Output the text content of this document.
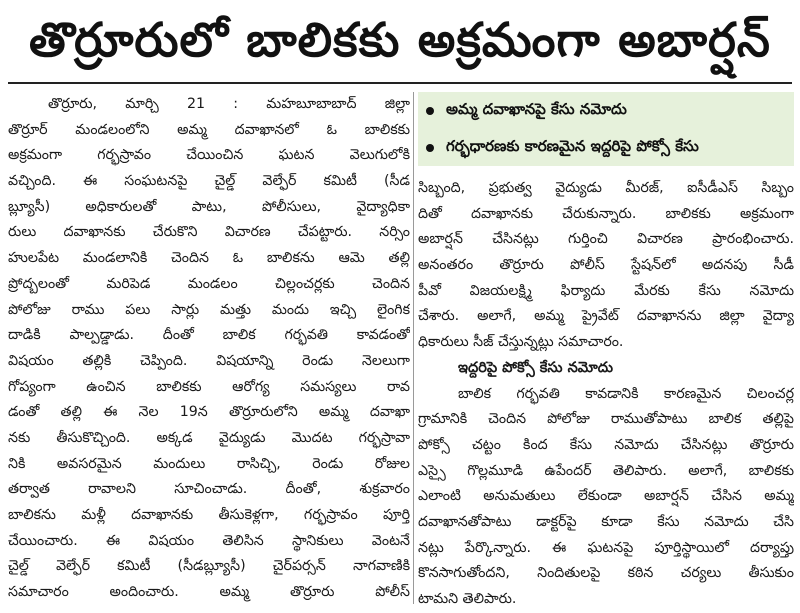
తొర్రూరులో బాలికకు అక్రమంగా అబార్షన్
తొర్రూరు, మార్చి 21 : మహబూబాబాద్ జిల్లా
తొర్రూర్ మండలంలోని అమ్మ దవాఖానలో ఓ బాలికకు
అక్రమంగా గర్భస్రావం చేయించిన ఘటన వెలుగులోకి
వచ్చింది. ఈ సంఘటనపై చైల్డ్ వెల్ఫేర్ కమిటీ (సీడ
బ్ల్యూసీ) అధికారులతో పాటు, పోలీసులు, వైద్యాధికా
రులు దవాఖానకు చేరుకొని విచారణ చేపట్టారు. నర్సిం
హులపేట మండలానికి చెందిన ఓ బాలికను ఆమె తల్లి
ప్రోద్బలంతో మరిపెడ మండలం చిల్లంచర్లకు చెందిన
పోలోజు రాము పలు సార్లు మత్తు మందు ఇచ్చి లైంగిక
దాడికి పాల్పడ్డాడు. దీంతో బాలిక గర్భవతి కావడంతో
విషయం తల్లికి చెప్పింది. విషయాన్ని రెండు నెలలుగా
గోప్యంగా ఉంచిన బాలికకు ఆరోగ్య సమస్యలు రావ
డంతో తల్లి ఈ నెల 19న తొర్రూరులోని అమ్మ దవాఖా
నకు తీసుకొచ్చింది. అక్కడ వైద్యుడు మొదట గర్భస్రావా
నికి అవసరమైన మందులు రాసిచ్చి, రెండు రోజుల
తర్వాత రావాలని సూచించాడు. దీంతో, శుక్రవారం
బాలికను మళ్లీ దవాఖానకు తీసుకెళ్లగా, గర్భస్రావం పూర్తి
చేయించారు. ఈ విషయం తెలిసిన స్థానికులు వెంటనే
చైల్డ్ వెల్ఫేర్ కమిటీ (సీడబ్ల్యూసీ) చైర్‌పర్సన్ నాగవాణికి
సమాచారం అందించారు. అమ్మ తొర్రూరు పోలీస్
అమ్మ దవాఖానపై కేసు నమోదు
గర్భధారణకు కారణమైన ఇద్దరిపై పోక్సో కేసు
సిబ్బంది, ప్రభుత్వ వైద్యుడు మీరజ్, ఐసీడీఎస్ సిబ్బం
దితో దవాఖానకు చేరుకున్నారు. బాలికకు అక్రమంగా
అబార్షన్ చేసినట్లు గుర్తించి విచారణ ప్రారంభించారు.
అనంతరం తొర్రూరు పోలీస్ స్టేషన్‌లో అదనపు సీడీ
పీవో విజయలక్ష్మి ఫిర్యాదు మేరకు కేసు నమోదు
చేశారు. అలాగే, అమ్మ ప్రైవేట్ దవాఖానను జిల్లా వైద్యా
ధికారులు సీజ్ చేస్తున్నట్లు సమాచారం.
ఇద్దరిపై పోక్సో కేసు నమోదు
బాలిక గర్భవతి కావడానికి కారణమైన చిలంచర్ల
గ్రామానికి చెందిన పోలోజు రాముతోపాటు బాలిక తల్లిపై
పోక్సో చట్టం కింద కేసు నమోదు చేసినట్లు తొర్రూరు
ఎస్సై గొల్లమూడి ఉపేందర్ తెలిపారు. అలాగే, బాలికకు
ఎలాంటి అనుమతులు లేకుండా అబార్షన్ చేసిన అమ్మ
దవాఖానతోపాటు డాక్టర్‌పై కూడా కేసు నమోదు చేసి
నట్లు పేర్కొన్నారు. ఈ ఘటనపై పూర్తిస్థాయిలో దర్యాప్తు
కొనసాగుతోందని, నిందితులపై కఠిన చర్యలు తీసుకుం
టామని తెలిపారు.
